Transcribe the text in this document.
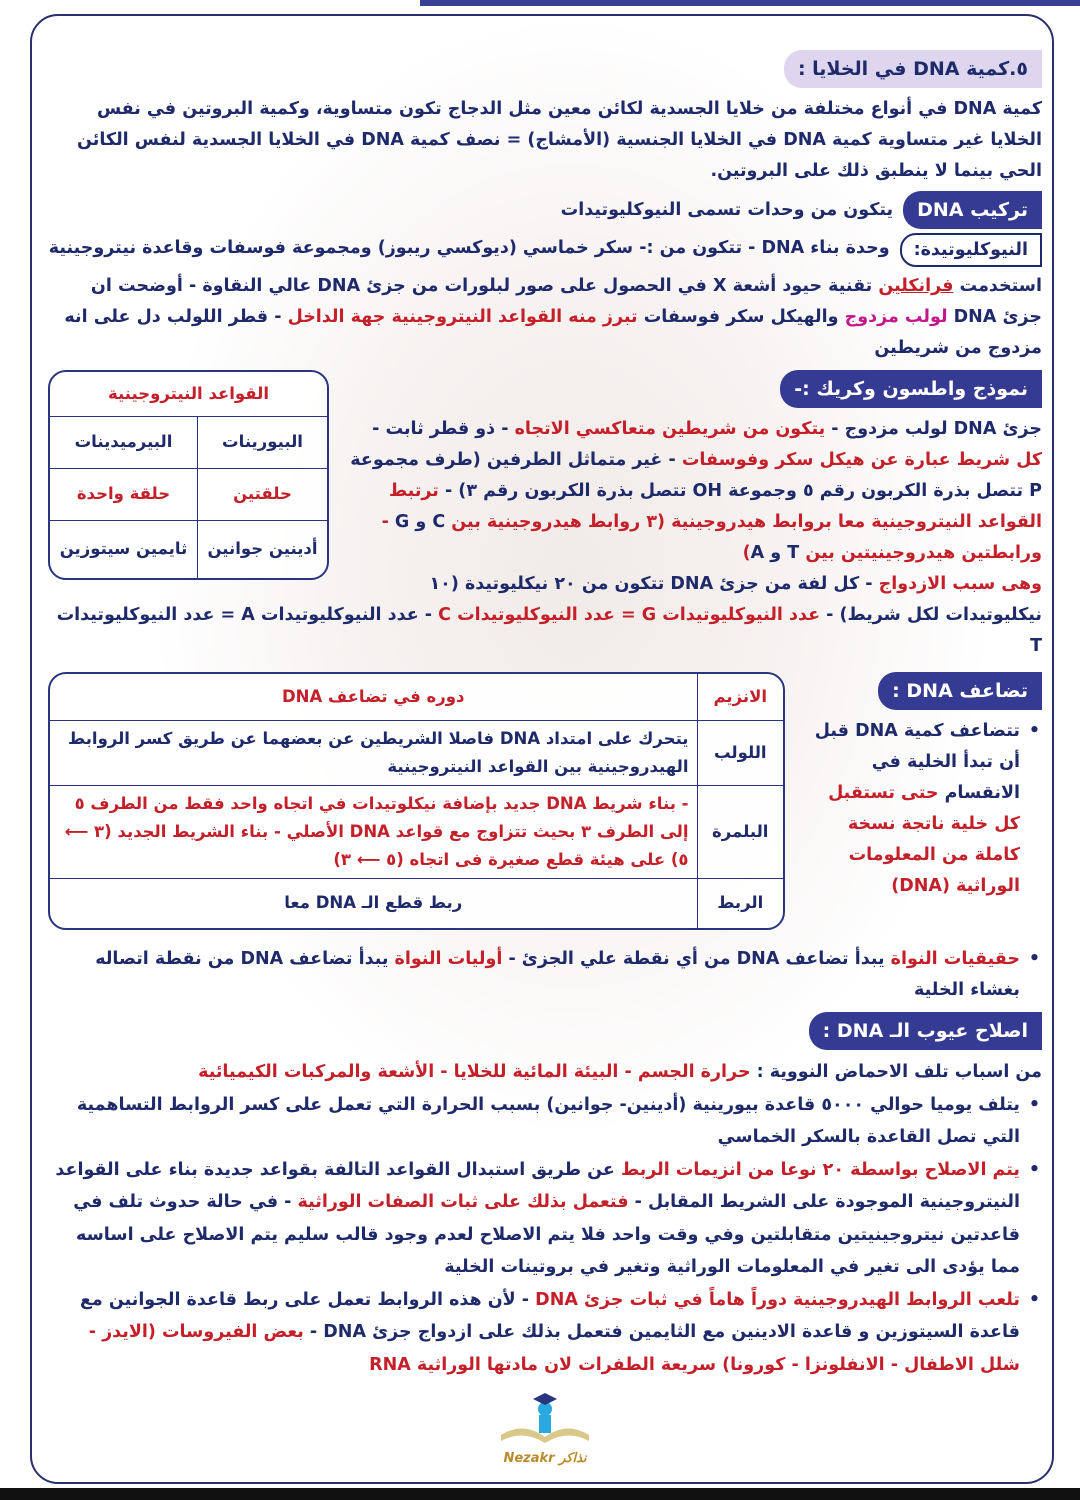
٥.كمية DNA في الخلايا :
كمية DNA في أنواع مختلفة من خلايا الجسدية لكائن معين مثل الدجاج تكون متساوية، وكمية البروتين في نفس الخلايا غير متساوية كمية DNA في الخلايا الجنسية (الأمشاج) = نصف كمية DNA في الخلايا الجسدية لنفس الكائن الحي بينما لا ينطبق ذلك على البروتين.
تركيب DNA
يتكون من وحدات تسمى النيوكليوتيدات
النيوكليوتيدة:
وحدة بناء DNA - تتكون من :- سكر خماسي (ديوكسي ريبوز) ومجموعة فوسفات وقاعدة نيتروجينية
استخدمت فرانكلين تقنية حيود أشعة X في الحصول على صور لبلورات من جزئ DNA عالي النقاوة - أوضحت ان جزئ DNA لولب مزدوج والهيكل سكر فوسفات تبرز منه القواعد النيتروجينية جهة الداخل - قطر اللولب دل على انه مزدوج من شريطين
القواعد النيتروجينية	
البيورينات	البيرميدينات
حلقتين	حلقة واحدة
أدينين جوانين	ثايمين سيتوزين
نموذج واطسون وكريك :-
جزئ DNA لولب مزدوج - يتكون من شريطين متعاكسي الاتجاه - ذو قطر ثابت - كل شريط عبارة عن هيكل سكر وفوسفات - غير متماثل الطرفين (طرف مجموعة P تتصل بذرة الكربون رقم ٥ وجموعة OH تتصل بذرة الكربون رقم ٣) - ترتبط القواعد النيتروجينية معا بروابط هيدروجينية (٣ روابط هيدروجينية بين C و G - ورابطتين هيدروجينيتين بين T و A)
وهى سبب الازدواج - كل لفة من جزئ DNA تتكون من ٢٠ نيكليوتيدة (١٠ نيكليوتيدات لكل شريط) - عدد النيوكليوتيدات G = عدد النيوكليوتيدات C - عدد النيوكليوتيدات A = عدد النيوكليوتيدات T
الانزيم	دوره في تضاعف DNA
اللولب	يتحرك على امتداد DNA فاصلا الشريطين عن بعضهما عن طريق كسر الروابط الهيدروجينية بين القواعد النيتروجينية
البلمرة	- بناء شريط DNA جديد بإضافة نيكلوتيدات في اتجاه واحد فقط من الطرف ٥ إلى الطرف ٣ بحيث تتزاوج مع قواعد DNA الأصلي - بناء الشريط الجديد (٣ ⟵ ٥) على هيئة قطع صغيرة فى اتجاه (٥ ⟵ ٣)
الربط	ربط قطع الـ DNA معا
تضاعف DNA :
• تتضاعف كمية DNA قبل أن تبدأ الخلية في الانقسام حتى تستقبل كل خلية ناتجة نسخة كاملة من المعلومات الوراثية (DNA)
• حقيقيات النواة يبدأ تضاعف DNA من أي نقطة علي الجزئ - أوليات النواة يبدأ تضاعف DNA من نقطة اتصاله بغشاء الخلية
اصلاح عيوب الـ DNA :
من اسباب تلف الاحماض النووية : حرارة الجسم - البيئة المائية للخلايا - الأشعة والمركبات الكيميائية
• يتلف يوميا حوالي ٥٠٠٠ قاعدة بيورينية (أدينين- جوانين) بسبب الحرارة التي تعمل على كسر الروابط التساهمية التي تصل القاعدة بالسكر الخماسي
• يتم الاصلاح بواسطة ٢٠ نوعا من انزيمات الربط عن طريق استبدال القواعد التالفة بقواعد جديدة بناء على القواعد النيتروجينية الموجودة على الشريط المقابل - فتعمل بذلك على ثبات الصفات الوراثية - في حالة حدوث تلف في قاعدتين نيتروجينيتين متقابلتين وفي وقت واحد فلا يتم الاصلاح لعدم وجود قالب سليم يتم الاصلاح على اساسه مما يؤدى الى تغير في المعلومات الوراثية وتغير في بروتينات الخلية
• تلعب الروابط الهيدروجينية دوراً هاماً في ثبات جزئ DNA - لأن هذه الروابط تعمل على ربط قاعدة الجوانين مع قاعدة السيتوزين و قاعدة الادينين مع الثايمين فتعمل بذلك على ازدواج جزئ DNA - بعض الفيروسات (الايدز - شلل الاطفال - الانفلونزا - كورونا) سريعة الطفرات لان مادتها الوراثية RNA
Nezakr نذاكر
